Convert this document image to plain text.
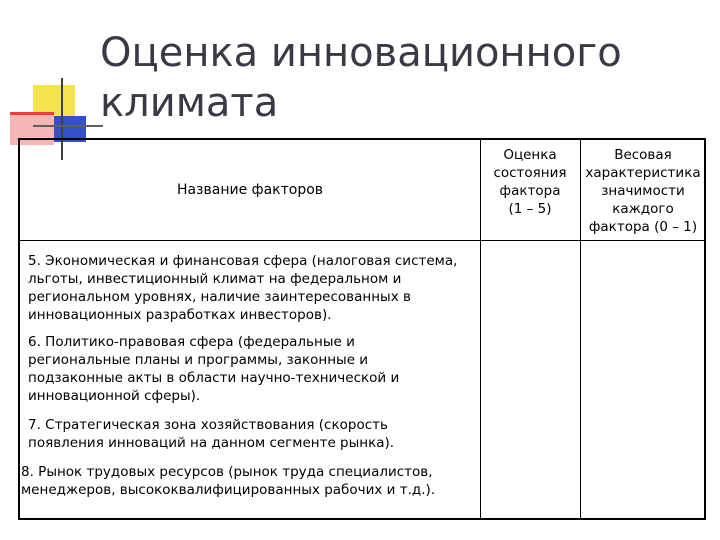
Оценка инновационного
климата
Название факторов
Оценка
состояния
фактора
(1 – 5)
Весовая
характеристика
значимости
каждого
фактора (0 – 1)
5. Экономическая и финансовая сфера (налоговая система,
льготы, инвестиционный климат на федеральном и
региональном уровнях, наличие заинтересованных в
инновационных разработках инвесторов).
6. Политико-правовая сфера (федеральные и
региональные планы и программы, законные и
подзаконные акты в области научно-технической и
инновационной сферы).
7. Стратегическая зона хозяйствования (скорость
появления инноваций на данном сегменте рынка).
8. Рынок трудовых ресурсов (рынок труда специалистов,
менеджеров, высококвалифицированных рабочих и т.д.).
